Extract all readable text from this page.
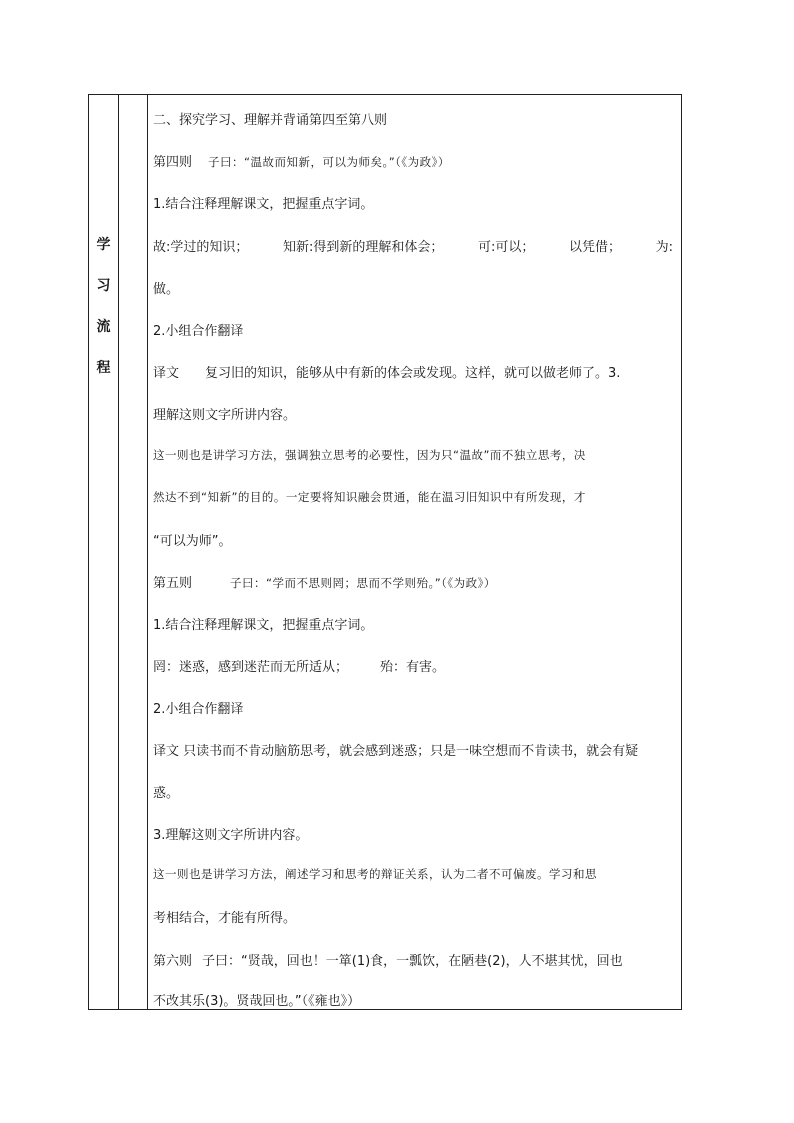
学
习
流
程
二、探究学习、理解并背诵第四至第八则
第四则 子曰：“温故而知新，可以为师矣。”（《为政》）
1.结合注释理解课文，把握重点字词。
故:学过的知识；	知新:得到新的理解和体会；	可:可以；	以凭借；	为:
做。
2.小组合作翻译
译文 复习旧的知识，能够从中有新的体会或发现。这样，就可以做老师了。3.
理解这则文字所讲内容。
这一则也是讲学习方法，强调独立思考的必要性，因为只“温故”而不独立思考，决
然达不到“知新”的目的。一定要将知识融会贯通，能在温习旧知识中有所发现，才
“可以为师”。
第五则	子曰：“学而不思则罔；思而不学则殆。”（《为政》）
1.结合注释理解课文，把握重点字词。
罔：迷惑，感到迷茫而无所适从； 殆：有害。
2.小组合作翻译
译文 只读书而不肯动脑筋思考，就会感到迷惑；只是一味空想而不肯读书，就会有疑
惑。
3.理解这则文字所讲内容。
这一则也是讲学习方法，阐述学习和思考的辩证关系，认为二者不可偏废。学习和思
考相结合，才能有所得。
第六则 子曰：“贤哉，回也！一箪(1)食，一瓢饮，在陋巷(2)，人不堪其忧，回也
不改其乐(3)。贤哉回也。”（《雍也》）
